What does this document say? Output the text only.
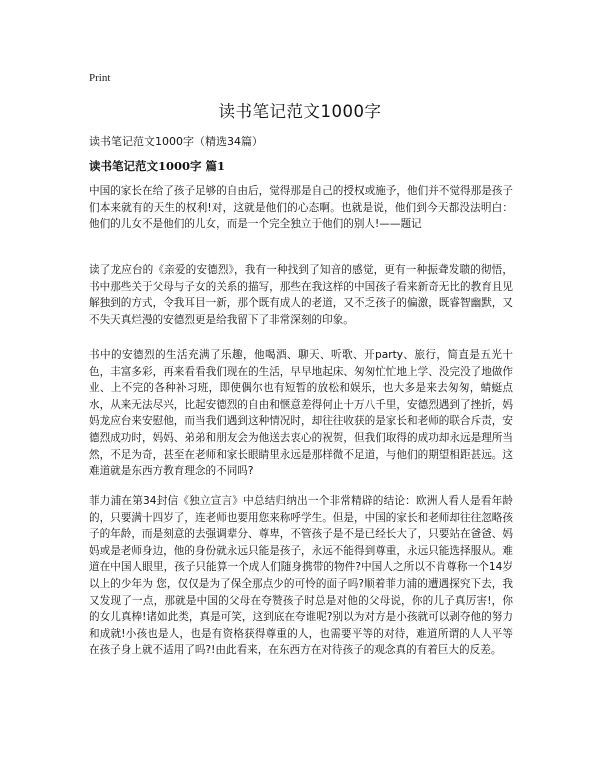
Print
读书笔记范文1000字

读书笔记范文1000字（精选34篇）

读书笔记范文1000字 篇1

中国的家长在给了孩子足够的自由后，觉得那是自己的授权或施予，他们并不觉得那是孩子们本来就有的天生的权利!对，这就是他们的心态啊。也就是说，他们到今天都没法明白：他们的儿女不是他们的儿女，而是一个完全独立于他们的别人!——题记

读了龙应台的《亲爱的安德烈》，我有一种找到了知音的感觉，更有一种振聋发聩的彻悟，书中那些关于父母与子女的关系的描写，那些在我这样的中国孩子看来新奇无比的教育且见解独到的方式，令我耳目一新，那个既有成人的老道，又不乏孩子的偏激，既睿智幽默，又不失天真烂漫的安德烈更是给我留下了非常深刻的印象。

书中的安德烈的生活充满了乐趣，他喝酒、聊天、听歌、开party、旅行，简直是五光十色，丰富多彩，再来看看我们现在的生活，早早地起床、匆匆忙忙地上学、没完没了地做作业、上不完的各种补习班，即使偶尔也有短暂的放松和娱乐，也大多是来去匆匆，蜻蜓点水，从来无法尽兴，比起安德烈的自由和惬意差得何止十万八千里，安德烈遇到了挫折，妈妈龙应台来安慰他，而当我们遇到这种情况时，却往往收获的是家长和老师的联合斥责，安德烈成功时，妈妈、弟弟和朋友会为他送去衷心的祝贺，但我们取得的成功却永远是理所当然，不足为奇，甚至在老师和家长眼睛里永远是那样微不足道，与他们的期望相距甚远。这难道就是东西方教育理念的不同吗?

菲力浦在第34封信《独立宣言》中总结归纳出一个非常精辟的结论：欧洲人看人是看年龄的，只要满十四岁了，连老师也要用您来称呼学生。但是，中国的家长和老师却往往忽略孩子的年龄，而是刻意的去强调辈分、尊卑，不管孩子是不是已经长大了，只要站在爸爸、妈妈或是老师身边，他的身份就永远只能是孩子，永远不能得到尊重，永远只能选择服从。难道在中国人眼里，孩子只能算一个成人们随身携带的物件?中国人之所以不肯尊称一个14岁以上的少年为 您，仅仅是为了保全那点少的可怜的面子吗?顺着菲力浦的遭遇探究下去，我又发现了一点，那就是中国的父母在夸赞孩子时总是对他的父母说，你的儿子真厉害!，你的女儿真棒!诸如此类，真是可笑，这到底在夸谁呢?别以为对方是小孩就可以剥夺他的努力和成就!小孩也是人，也是有资格获得尊重的人，也需要平等的对待，难道所谓的人人平等在孩子身上就不适用了吗?!由此看来，在东西方在对待孩子的观念真的有着巨大的反差。
